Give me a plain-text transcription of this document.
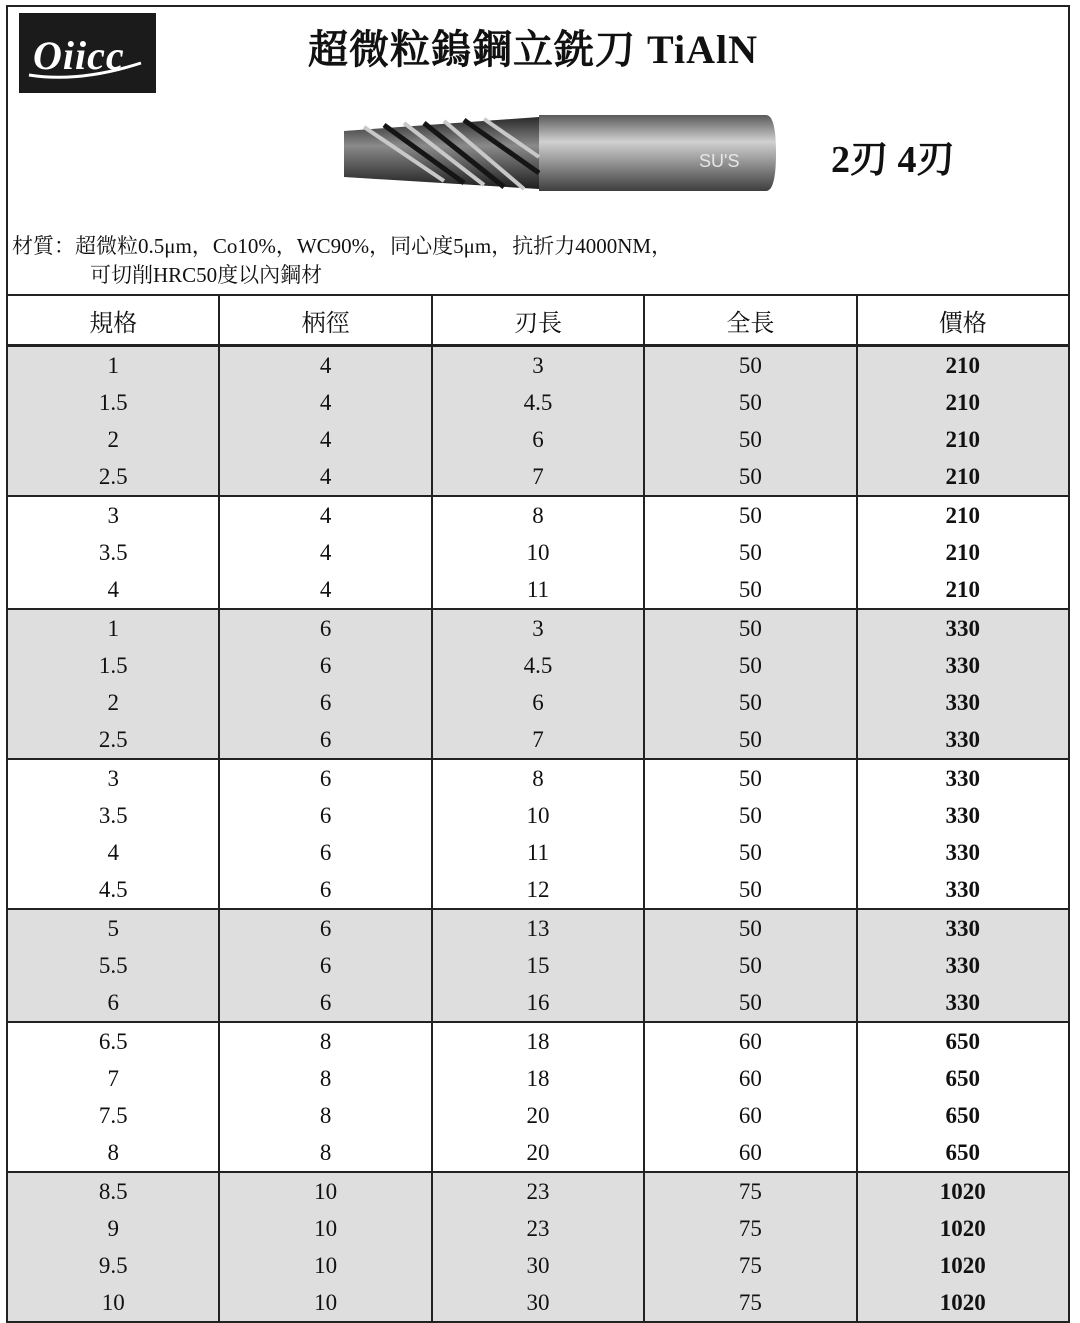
Oiicc	超微粒鎢鋼立銑刀 TiAlN
SU'S 2刃 4刃
材質：超微粒0.5μm，Co10%，WC90%，同心度5μm，抗折力4000NM，
可切削HRC50度以內鋼材
規格	柄徑	刃長	全長	價格
1	4	3	50	210
1.5	4	4.5	50	210
2	4	6	50	210
2.5	4	7	50	210
3	4	8	50	210
3.5	4	10	50	210
4	4	11	50	210
1	6	3	50	330
1.5	6	4.5	50	330
2	6	6	50	330
2.5	6	7	50	330
3	6	8	50	330
3.5	6	10	50	330
4	6	11	50	330
4.5	6	12	50	330
5	6	13	50	330
5.5	6	15	50	330
6	6	16	50	330
6.5	8	18	60	650
7	8	18	60	650
7.5	8	20	60	650
8	8	20	60	650
8.5	10	23	75	1020
9	10	23	75	1020
9.5	10	30	75	1020
10	10	30	75	1020
